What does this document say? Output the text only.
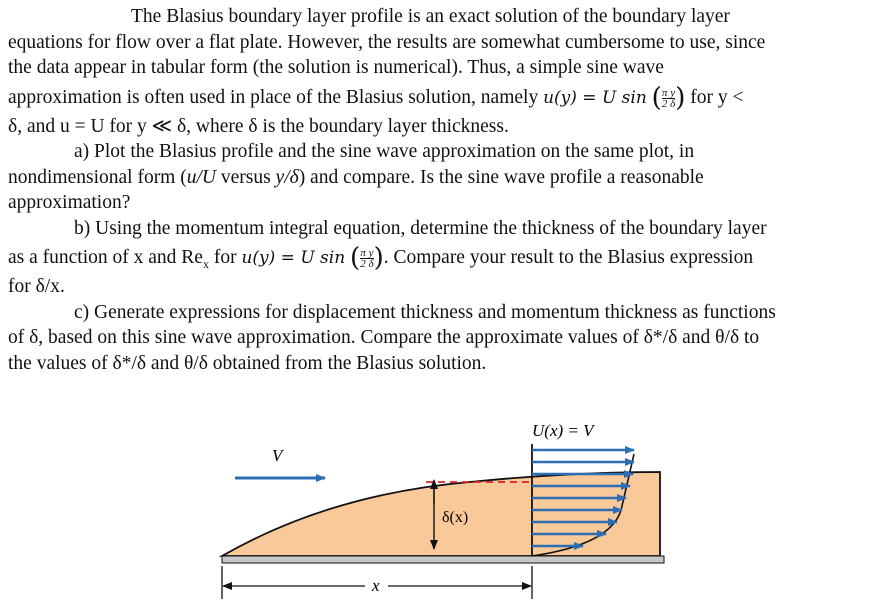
The Blasius boundary layer profile is an exact solution of the boundary layer
equations for flow over a flat plate. However, the results are somewhat cumbersome to use, since
the data appear in tabular form (the solution is numerical). Thus, a simple sine wave
approximation is often used in place of the Blasius solution, namely u(y) = U sin ( $\frac{\text{π y}}{2 \delta}$ ) for y <
δ, and u = U for y ≪ δ, where δ is the boundary layer thickness.
a) Plot the Blasius profile and the sine wave approximation on the same plot, in
nondimensional form (u/U versus y/δ) and compare. Is the sine wave profile a reasonable
approximation?
b) Using the momentum integral equation, determine the thickness of the boundary layer
as a function of x and $Re_x$ for u(y) = U sin ( $\frac{\text{π y}}{2 \delta}$ ). Compare your result to the Blasius expression
for δ/x.
c) Generate expressions for displacement thickness and momentum thickness as functions
of δ, based on this sine wave approximation. Compare the approximate values of δ*/δ and θ/δ to
the values of δ*/δ and θ/δ obtained from the Blasius solution.
δ(x)
V
U(x) = V
x
